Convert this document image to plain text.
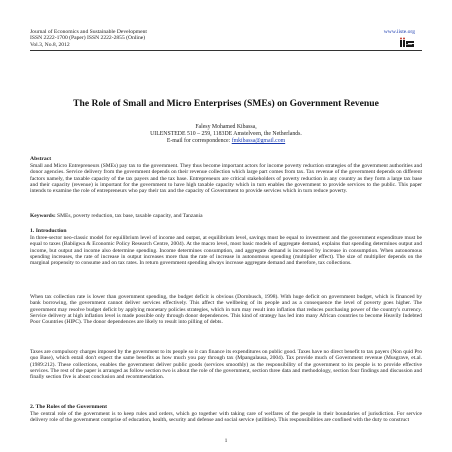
Journal of Economics and Sustainable Development
ISSN 2222-1700 (Paper) ISSN 2222-2855 (Online)
Vol.3, No.8, 2012
www.iiste.org
The Role of Small and Micro Enterprises (SMEs) on Government Revenue
Falesy Mohamed Kibassa,
UILENSTEDE 510 – 259, 1183DE Amstelveen, the Netherlands.
E-mail for correspondence: fmkibassa@gmail.com
Abstract
Small and Micro Entrepreneurs (SMEs) pay tax to the government. They thus become important actors for income poverty reduction strategies of the government authorities and donor agencies. Service delivery from the government depends on their revenue collection which large part comes from tax. Tax revenue of the government depends on different factors namely, the taxable capacity of the tax payers and the tax base. Entrepreneurs are critical stakeholders of poverty reduction in any country as they form a large tax base and their capacity (revenue) is important for the government to have high taxable capacity which in turn enables the government to provide services to the public. This paper intends to examine the role of entrepreneurs who pay their tax and the capacity of Government to provide services which in turn reduce poverty.
Keywords: SMEs, poverty reduction, tax base, taxable capacity, and Tanzania
1. Introduction
In three-sector neo-classic model for equilibrium level of income and output, at equilibrium level, savings must be equal to investment and the government expenditure must be equal to taxes (Babiigwa & Economic Policy Research Centre, 2004). At the macro level, most basic models of aggregate demand, explains that spending determines output and income, but output and income also determine spending. Income determines consumption, and aggregate demand is increased by increase in consumption. When autonomous spending increases, the rate of increase in output increases more than the rate of increase in autonomous spending (multiplier effect). The size of multiplier depends on the marginal propensity to consume and on tax rates. In return government spending always increase aggregate demand and therefore, tax collections.
When tax collection rate is lower than government spending, the budget deficit is obvious (Dornbusch, 1998). With huge deficit on government budget, which is financed by bank borrowing, the government cannot deliver services effectively. This affect the wellbeing of its people and as a consequence the level of poverty goes higher. The government may resolve budget deficit by applying monetary policies strategies, which in turn may result into inflation that reduces purchasing power of the country's currency. Service delivery at high inflation level is made possible only through donor dependences. This kind of strategy has led into many African countries to become Heavily Indebted Poor Countries (HIPC). The donor dependences are likely to result into pilling of debts.
Taxes are compulsory charges imposed by the government to its people so it can finance its expenditures on public good. Taxes have no direct benefit to tax payers (Non quid Pro quo Base), which entail don't expect the same benefits as how much you pay through tax (Mpangalausa, 2004). Tax provide much of Government revenue (Musgrave, et.al. (1989:212). These collections, enables the government deliver public goods (services smoothly) as the responsibility of the government to its people is to provide effective services. The rest of the paper is arranged as follow section two is about the role of the government, section three data and methodology, section four findings and discussion and finally section five is about conclusion and recommendation.
2. The Roles of the Government
The central role of the government is to keep rules and orders, which go together with taking care of welfares of the people in their boundaries of jurisdiction. For service delivery role of the government comprise of education, health, security and defense and social service (utilities). This responsibilities are confined with the duty to construct
1
